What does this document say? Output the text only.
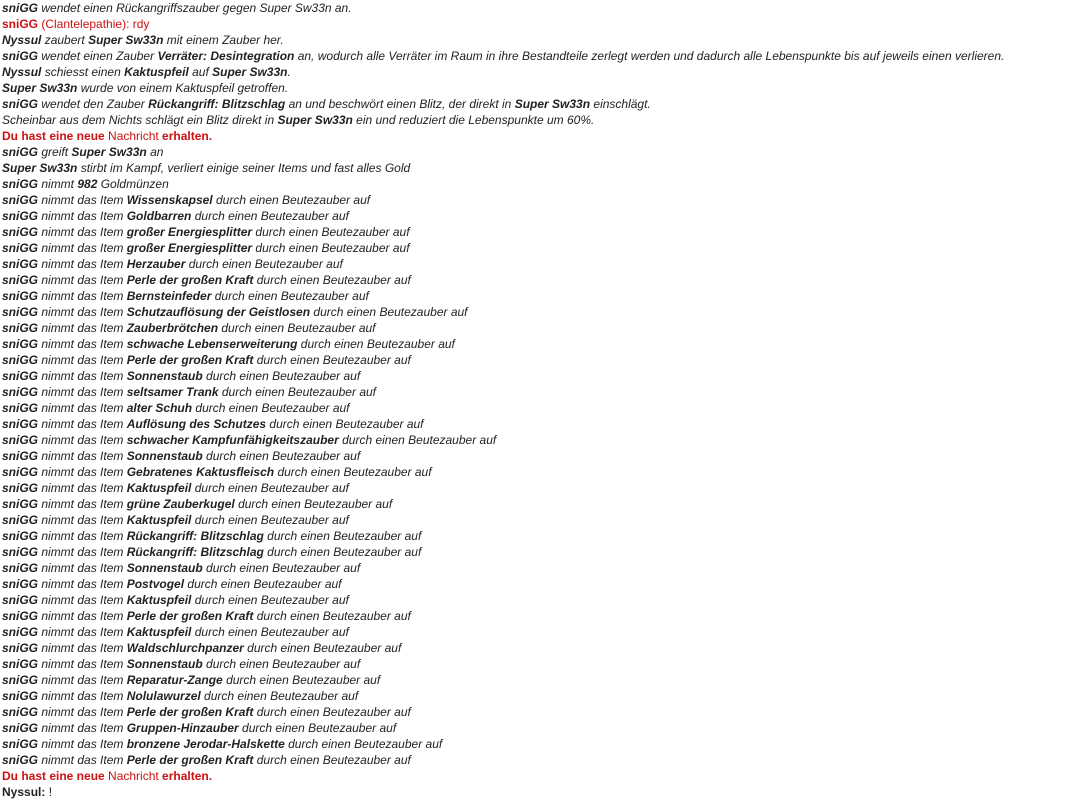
sniGG wendet einen Rückangriffszauber gegen Super Sw33n an.
sniGG (Clantelepathie): rdy
Nyssul zaubert Super Sw33n mit einem Zauber her.
sniGG wendet einen Zauber Verräter: Desintegration an, wodurch alle Verräter im Raum in ihre Bestandteile zerlegt werden und dadurch alle Lebenspunkte bis auf jeweils einen verlieren.
Nyssul schiesst einen Kaktuspfeil auf Super Sw33n.
Super Sw33n wurde von einem Kaktuspfeil getroffen.
sniGG wendet den Zauber Rückangriff: Blitzschlag an und beschwört einen Blitz, der direkt in Super Sw33n einschlägt.
Scheinbar aus dem Nichts schlägt ein Blitz direkt in Super Sw33n ein und reduziert die Lebenspunkte um 60%.
Du hast eine neue Nachricht erhalten.
sniGG greift Super Sw33n an
Super Sw33n stirbt im Kampf, verliert einige seiner Items und fast alles Gold
sniGG nimmt 982 Goldmünzen
sniGG nimmt das Item Wissenskapsel durch einen Beutezauber auf
sniGG nimmt das Item Goldbarren durch einen Beutezauber auf
sniGG nimmt das Item großer Energiesplitter durch einen Beutezauber auf
sniGG nimmt das Item großer Energiesplitter durch einen Beutezauber auf
sniGG nimmt das Item Herzauber durch einen Beutezauber auf
sniGG nimmt das Item Perle der großen Kraft durch einen Beutezauber auf
sniGG nimmt das Item Bernsteinfeder durch einen Beutezauber auf
sniGG nimmt das Item Schutzauflösung der Geistlosen durch einen Beutezauber auf
sniGG nimmt das Item Zauberbrötchen durch einen Beutezauber auf
sniGG nimmt das Item schwache Lebenserweiterung durch einen Beutezauber auf
sniGG nimmt das Item Perle der großen Kraft durch einen Beutezauber auf
sniGG nimmt das Item Sonnenstaub durch einen Beutezauber auf
sniGG nimmt das Item seltsamer Trank durch einen Beutezauber auf
sniGG nimmt das Item alter Schuh durch einen Beutezauber auf
sniGG nimmt das Item Auflösung des Schutzes durch einen Beutezauber auf
sniGG nimmt das Item schwacher Kampfunfähigkeitszauber durch einen Beutezauber auf
sniGG nimmt das Item Sonnenstaub durch einen Beutezauber auf
sniGG nimmt das Item Gebratenes Kaktusfleisch durch einen Beutezauber auf
sniGG nimmt das Item Kaktuspfeil durch einen Beutezauber auf
sniGG nimmt das Item grüne Zauberkugel durch einen Beutezauber auf
sniGG nimmt das Item Kaktuspfeil durch einen Beutezauber auf
sniGG nimmt das Item Rückangriff: Blitzschlag durch einen Beutezauber auf
sniGG nimmt das Item Rückangriff: Blitzschlag durch einen Beutezauber auf
sniGG nimmt das Item Sonnenstaub durch einen Beutezauber auf
sniGG nimmt das Item Postvogel durch einen Beutezauber auf
sniGG nimmt das Item Kaktuspfeil durch einen Beutezauber auf
sniGG nimmt das Item Perle der großen Kraft durch einen Beutezauber auf
sniGG nimmt das Item Kaktuspfeil durch einen Beutezauber auf
sniGG nimmt das Item Waldschlurchpanzer durch einen Beutezauber auf
sniGG nimmt das Item Sonnenstaub durch einen Beutezauber auf
sniGG nimmt das Item Reparatur-Zange durch einen Beutezauber auf
sniGG nimmt das Item Nolulawurzel durch einen Beutezauber auf
sniGG nimmt das Item Perle der großen Kraft durch einen Beutezauber auf
sniGG nimmt das Item Gruppen-Hinzauber durch einen Beutezauber auf
sniGG nimmt das Item bronzene Jerodar-Halskette durch einen Beutezauber auf
sniGG nimmt das Item Perle der großen Kraft durch einen Beutezauber auf
Du hast eine neue Nachricht erhalten.
Nyssul: !
